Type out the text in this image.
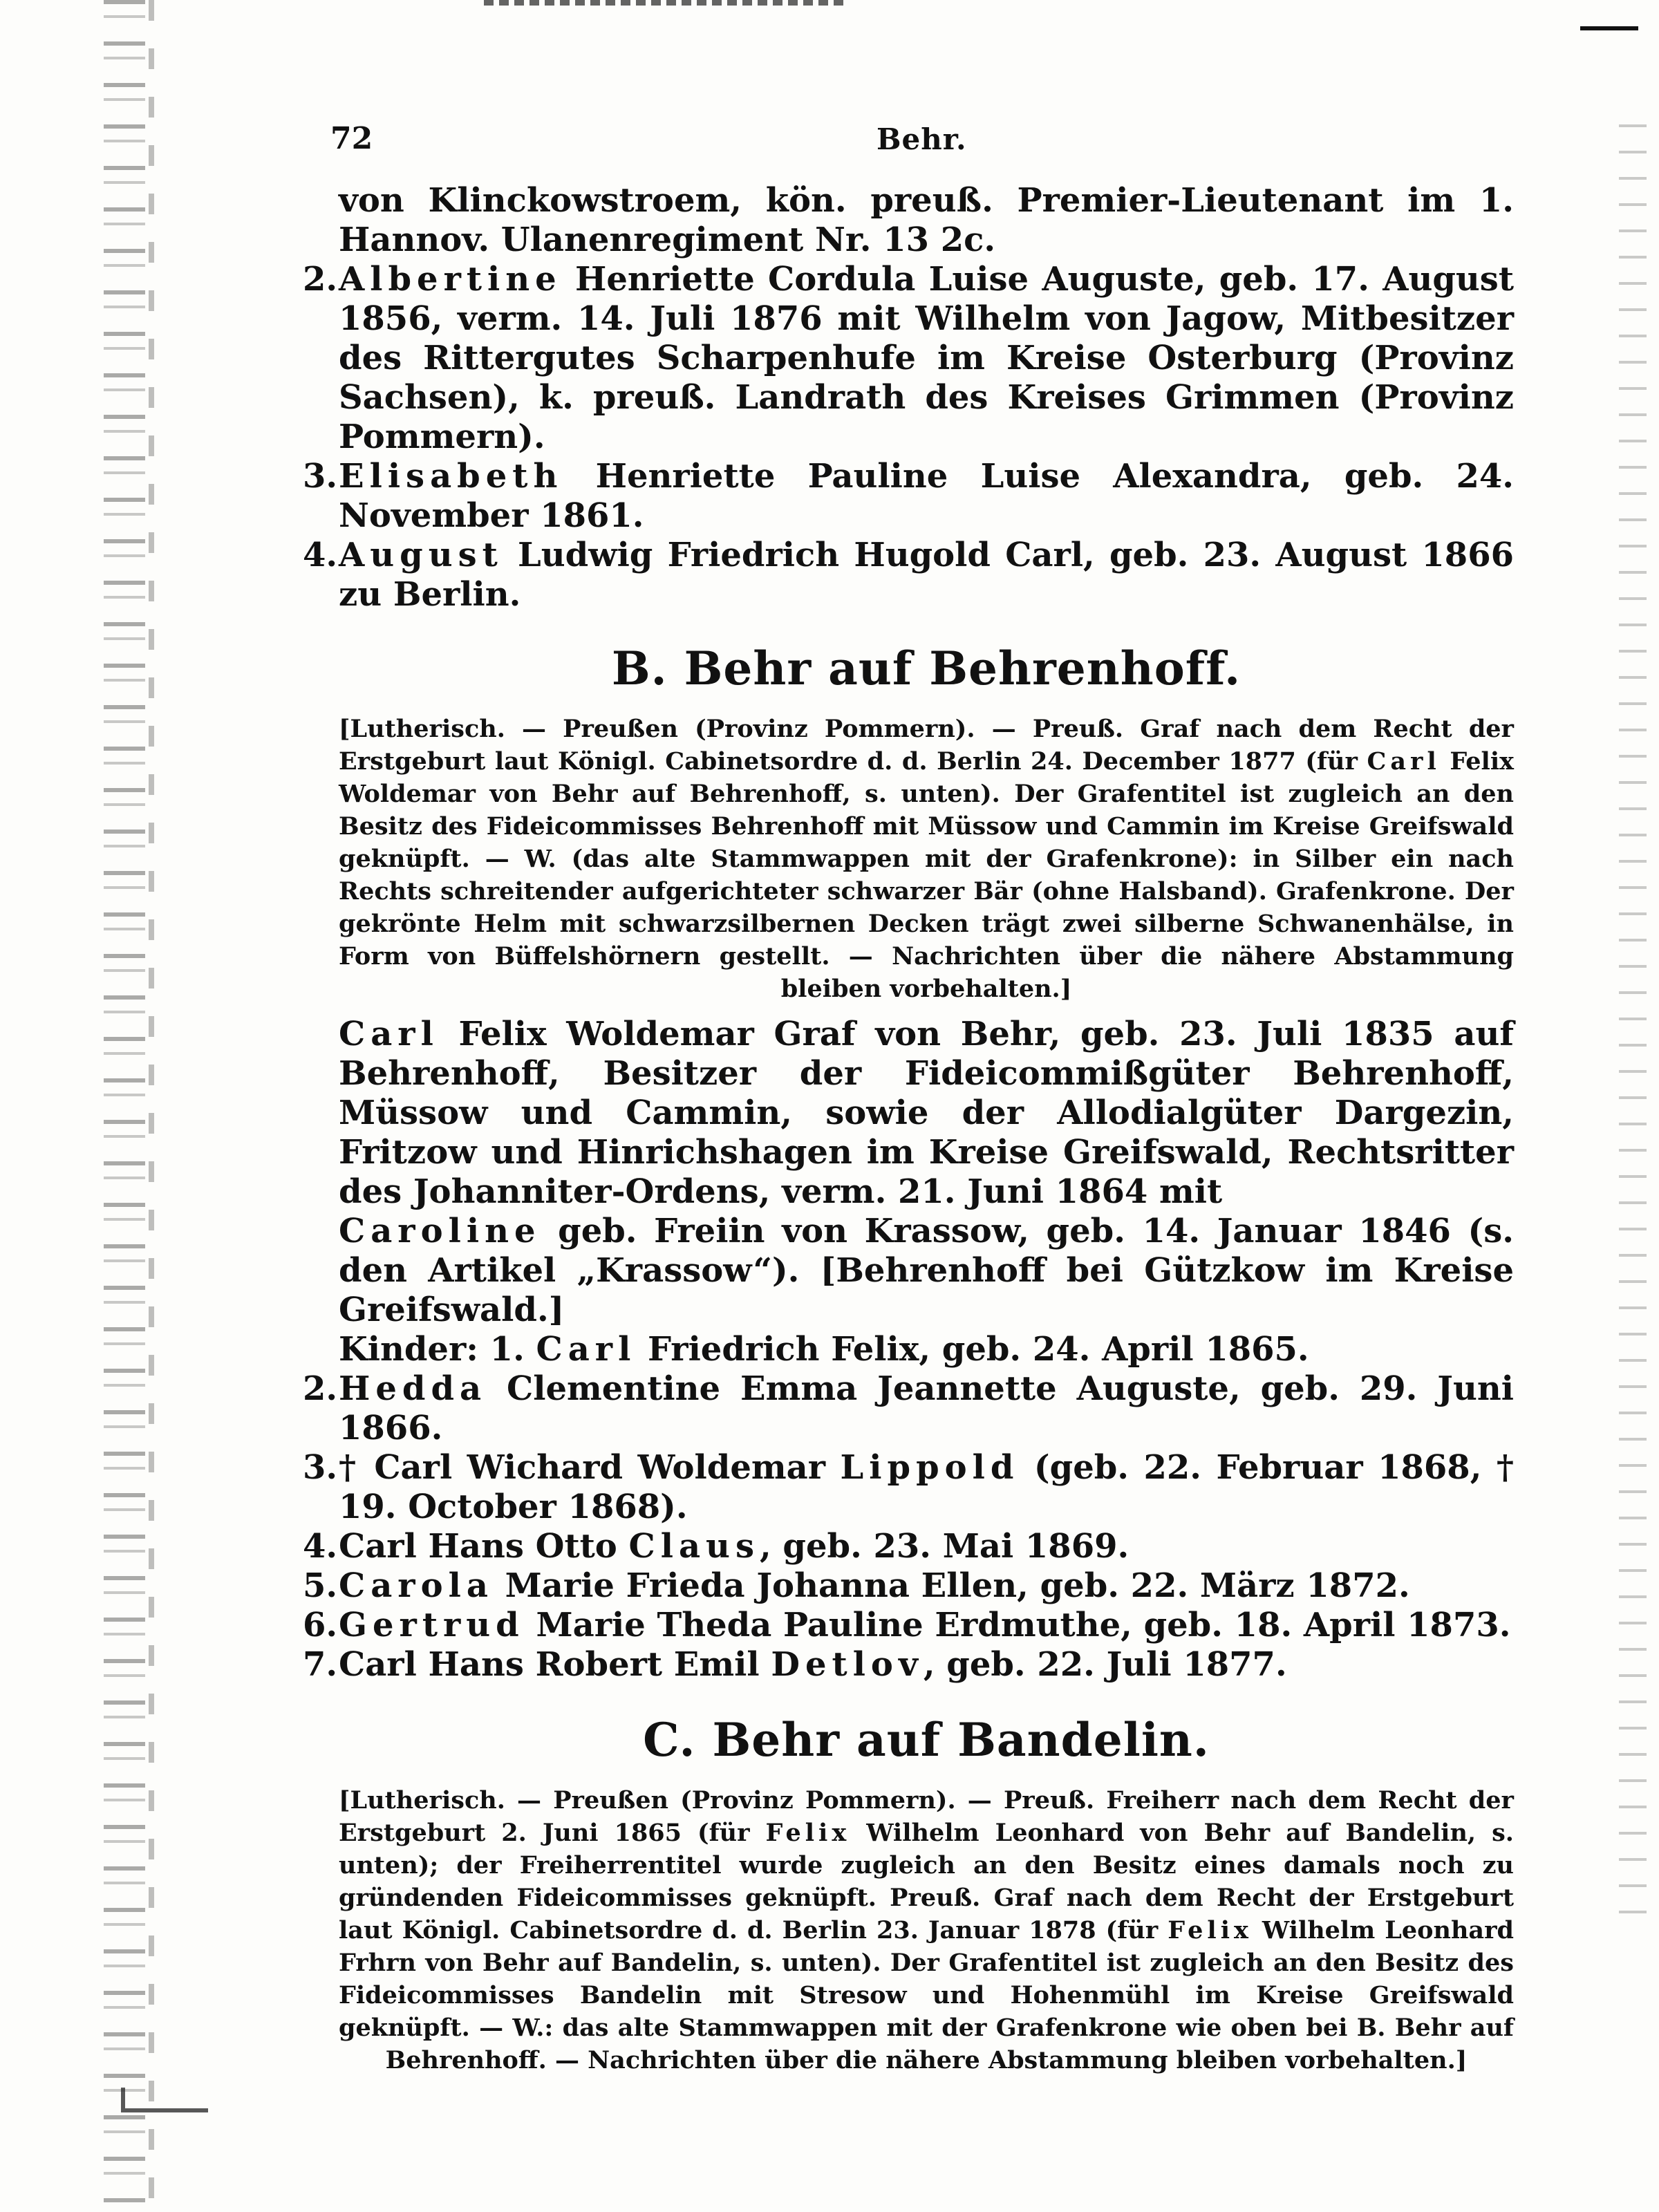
72	Behr.

von Klinckowstroem, kön. preuß. Premier-Lieutenant im 1. Hannov. Ulanenregiment Nr. 13 2c.

2. Albertine Henriette Cordula Luise Auguste, geb. 17. August 1856, verm. 14. Juli 1876 mit Wilhelm von Jagow, Mitbesitzer des Rittergutes Scharpenhufe im Kreise Osterburg (Provinz Sachsen), k. preuß. Landrath des Kreises Grimmen (Provinz Pommern).
3. Elisabeth Henriette Pauline Luise Alexandra, geb. 24. November 1861.
4. August Ludwig Friedrich Hugold Carl, geb. 23. August 1866 zu Berlin.
B. Behr auf Behrenhoff.

[Lutherisch. — Preußen (Provinz Pommern). — Preuß. Graf nach dem Recht der Erstgeburt laut Königl. Cabinetsordre d. d. Berlin 24. December 1877 (für Carl Felix Woldemar von Behr auf Behrenhoff, s. unten). Der Grafentitel ist zugleich an den Besitz des Fideicommisses Behrenhoff mit Müssow und Cammin im Kreise Greifswald geknüpft. — W. (das alte Stammwappen mit der Grafenkrone): in Silber ein nach Rechts schreitender aufgerichteter schwarzer Bär (ohne Halsband). Grafenkrone. Der gekrönte Helm mit schwarzsilbernen Decken trägt zwei silberne Schwanenhälse, in Form von Büffelshörnern gestellt. — Nachrichten über die nähere Abstammung bleiben vorbehalten.]

Carl Felix Woldemar Graf von Behr, geb. 23. Juli 1835 auf Behrenhoff, Besitzer der Fideicommißgüter Behrenhoff, Müssow und Cammin, sowie der Allodialgüter Dargezin, Fritzow und Hinrichshagen im Kreise Greifswald, Rechtsritter des Johanniter-Ordens, verm. 21. Juni 1864 mit

Caroline geb. Freiin von Krassow, geb. 14. Januar 1846 (s. den Artikel „Krassow“). [Behrenhoff bei Gützkow im Kreise Greifswald.]

Kinder: 1. Carl Friedrich Felix, geb. 24. April 1865.

2. Hedda Clementine Emma Jeannette Auguste, geb. 29. Juni 1866.
3. † Carl Wichard Woldemar Lippold (geb. 22. Februar 1868, † 19. October 1868).
4. Carl Hans Otto Claus, geb. 23. Mai 1869.
5. Carola Marie Frieda Johanna Ellen, geb. 22. März 1872.
6. Gertrud Marie Theda Pauline Erdmuthe, geb. 18. April 1873.
7. Carl Hans Robert Emil Detlov, geb. 22. Juli 1877.
C. Behr auf Bandelin.

[Lutherisch. — Preußen (Provinz Pommern). — Preuß. Freiherr nach dem Recht der Erstgeburt 2. Juni 1865 (für Felix Wilhelm Leonhard von Behr auf Bandelin, s. unten); der Freiherrentitel wurde zugleich an den Besitz eines damals noch zu gründenden Fideicommisses geknüpft. Preuß. Graf nach dem Recht der Erstgeburt laut Königl. Cabinetsordre d. d. Berlin 23. Januar 1878 (für Felix Wilhelm Leonhard Frhrn von Behr auf Bandelin, s. unten). Der Grafentitel ist zugleich an den Besitz des Fideicommisses Bandelin mit Stresow und Hohenmühl im Kreise Greifswald geknüpft. — W.: das alte Stammwappen mit der Grafenkrone wie oben bei B. Behr auf Behrenhoff. — Nachrichten über die nähere Abstammung bleiben vorbehalten.]
